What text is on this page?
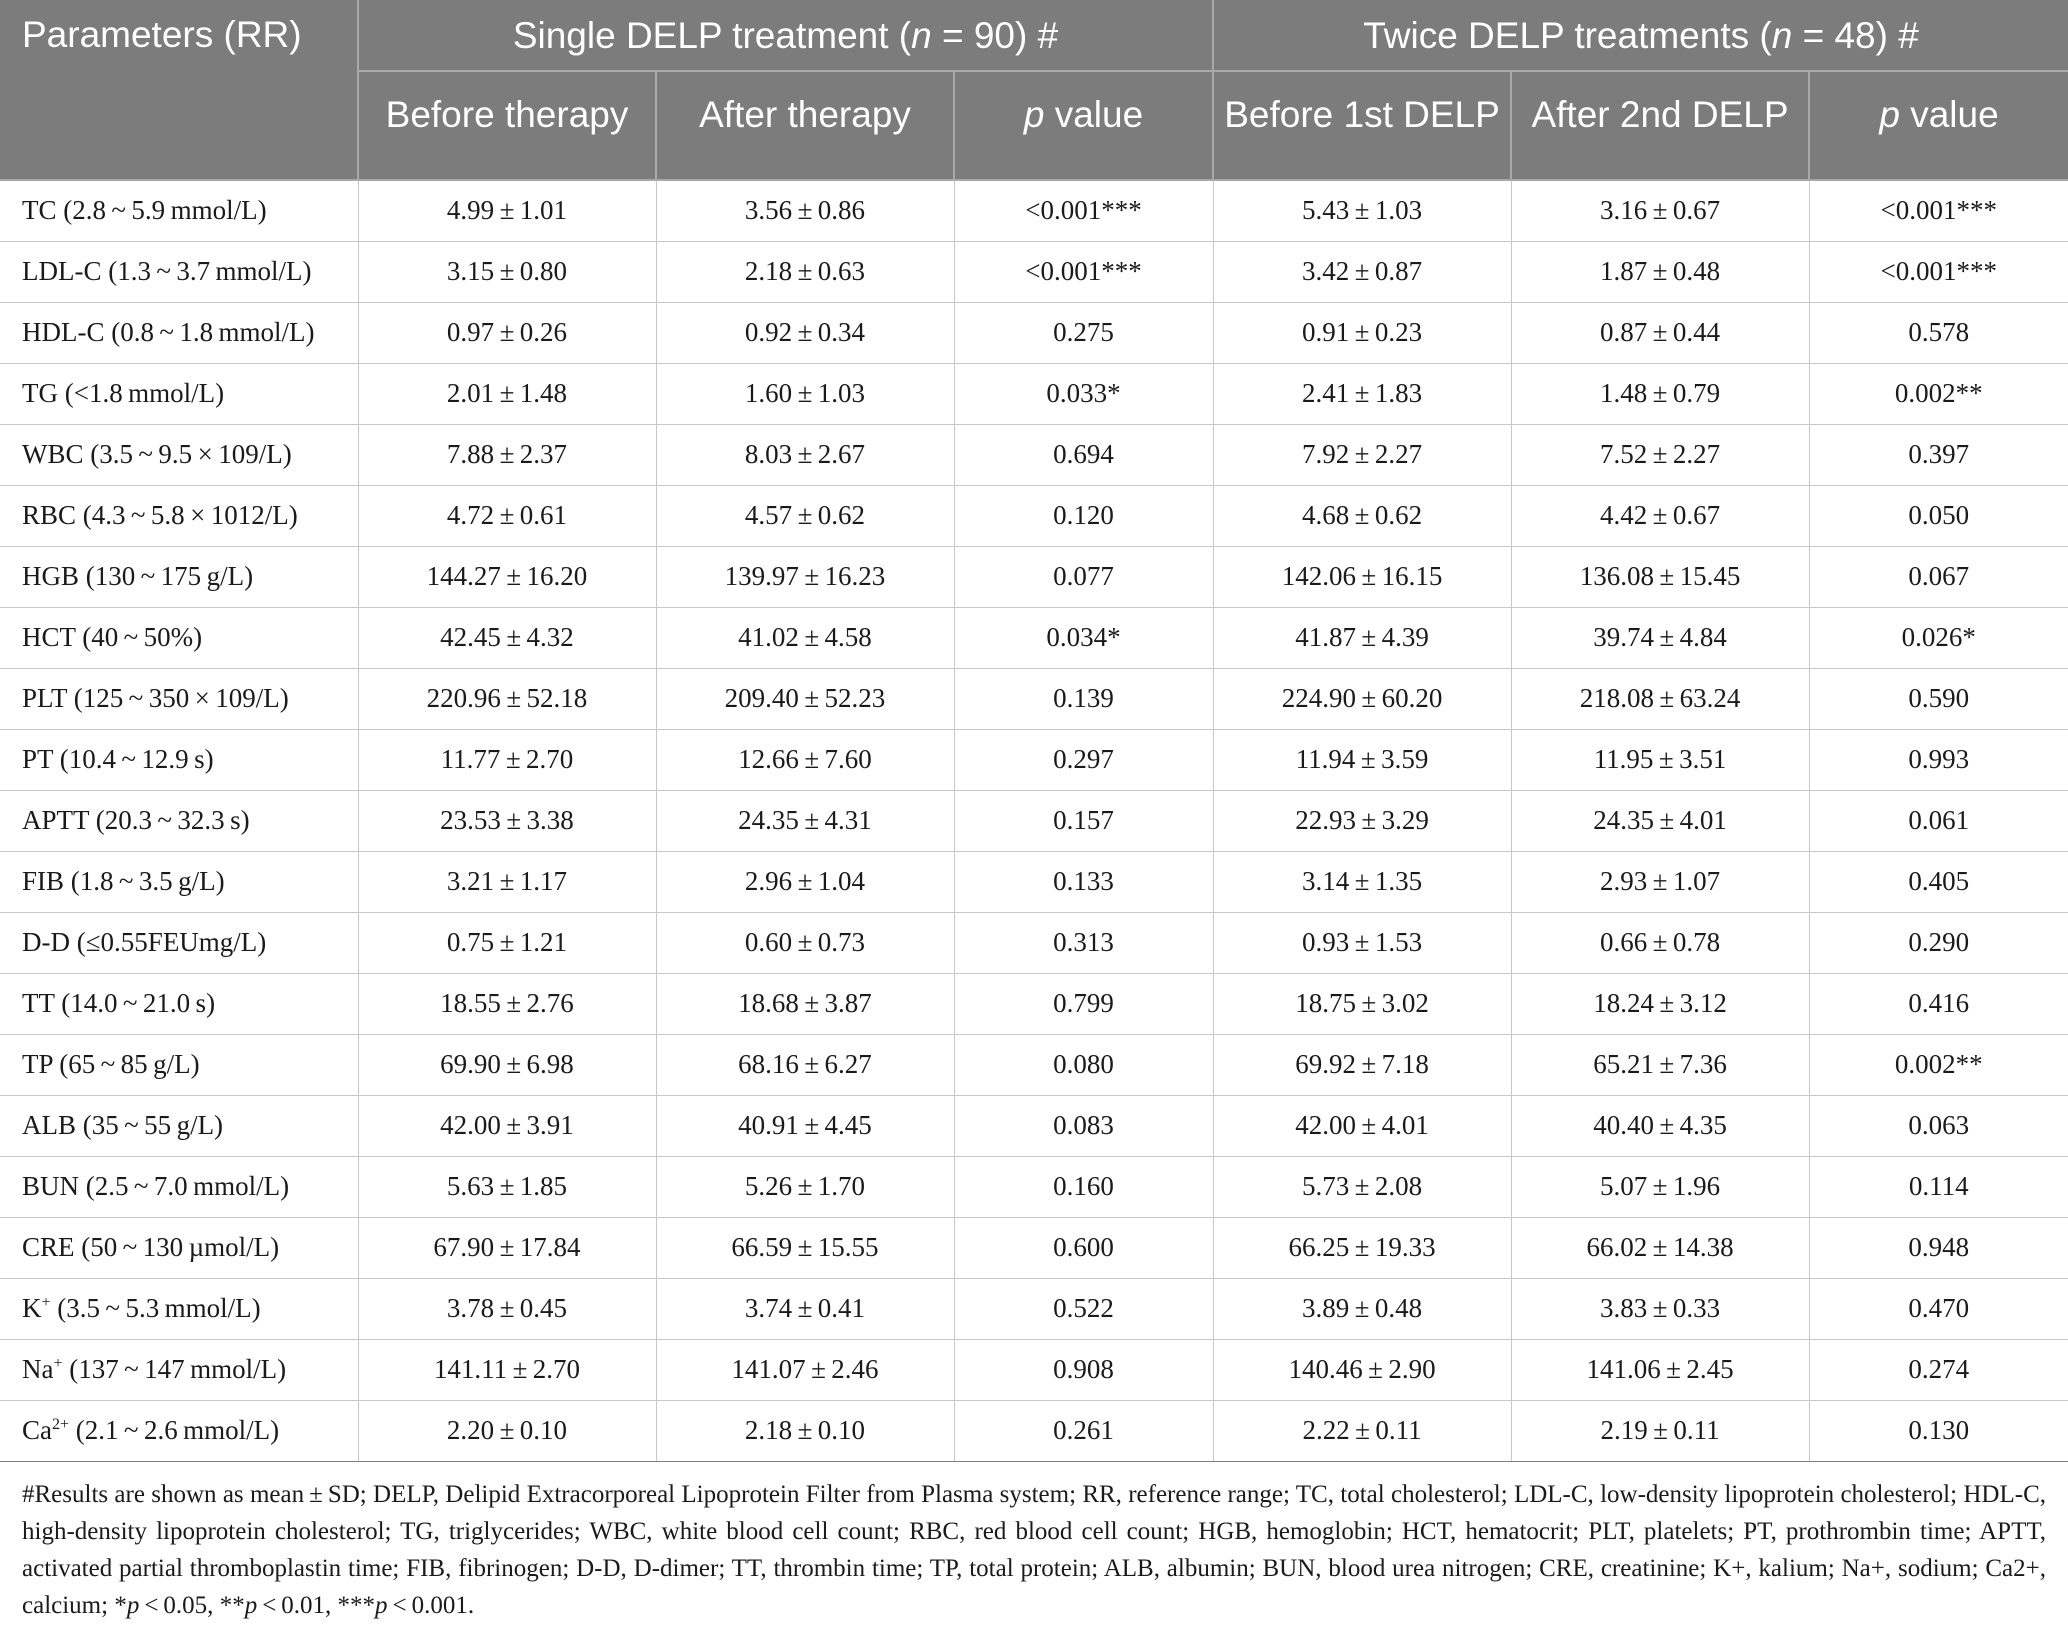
Parameters (RR)	Single DELP treatment (n = 90) #			Twice DELP treatments (n = 48) #		
	Before therapy	After therapy	p value	Before 1st DELP	After 2nd DELP	p value
TC (2.8 ~ 5.9 mmol/L)	4.99 ± 1.01	3.56 ± 0.86	<0.001***	5.43 ± 1.03	3.16 ± 0.67	<0.001***
LDL-C (1.3 ~ 3.7 mmol/L)	3.15 ± 0.80	2.18 ± 0.63	<0.001***	3.42 ± 0.87	1.87 ± 0.48	<0.001***
HDL-C (0.8 ~ 1.8 mmol/L)	0.97 ± 0.26	0.92 ± 0.34	0.275	0.91 ± 0.23	0.87 ± 0.44	0.578
TG (<1.8 mmol/L)	2.01 ± 1.48	1.60 ± 1.03	0.033*	2.41 ± 1.83	1.48 ± 0.79	0.002**
WBC (3.5 ~ 9.5 × 109/L)	7.88 ± 2.37	8.03 ± 2.67	0.694	7.92 ± 2.27	7.52 ± 2.27	0.397
RBC (4.3 ~ 5.8 × 1012/L)	4.72 ± 0.61	4.57 ± 0.62	0.120	4.68 ± 0.62	4.42 ± 0.67	0.050
HGB (130 ~ 175 g/L)	144.27 ± 16.20	139.97 ± 16.23	0.077	142.06 ± 16.15	136.08 ± 15.45	0.067
HCT (40 ~ 50%)	42.45 ± 4.32	41.02 ± 4.58	0.034*	41.87 ± 4.39	39.74 ± 4.84	0.026*
PLT (125 ~ 350 × 109/L)	220.96 ± 52.18	209.40 ± 52.23	0.139	224.90 ± 60.20	218.08 ± 63.24	0.590
PT (10.4 ~ 12.9 s)	11.77 ± 2.70	12.66 ± 7.60	0.297	11.94 ± 3.59	11.95 ± 3.51	0.993
APTT (20.3 ~ 32.3 s)	23.53 ± 3.38	24.35 ± 4.31	0.157	22.93 ± 3.29	24.35 ± 4.01	0.061
FIB (1.8 ~ 3.5 g/L)	3.21 ± 1.17	2.96 ± 1.04	0.133	3.14 ± 1.35	2.93 ± 1.07	0.405
D-D (≤0.55FEUmg/L)	0.75 ± 1.21	0.60 ± 0.73	0.313	0.93 ± 1.53	0.66 ± 0.78	0.290
TT (14.0 ~ 21.0 s)	18.55 ± 2.76	18.68 ± 3.87	0.799	18.75 ± 3.02	18.24 ± 3.12	0.416
TP (65 ~ 85 g/L)	69.90 ± 6.98	68.16 ± 6.27	0.080	69.92 ± 7.18	65.21 ± 7.36	0.002**
ALB (35 ~ 55 g/L)	42.00 ± 3.91	40.91 ± 4.45	0.083	42.00 ± 4.01	40.40 ± 4.35	0.063
BUN (2.5 ~ 7.0 mmol/L)	5.63 ± 1.85	5.26 ± 1.70	0.160	5.73 ± 2.08	5.07 ± 1.96	0.114
CRE (50 ~ 130 µmol/L)	67.90 ± 17.84	66.59 ± 15.55	0.600	66.25 ± 19.33	66.02 ± 14.38	0.948
K+ (3.5 ~ 5.3 mmol/L)	3.78 ± 0.45	3.74 ± 0.41	0.522	3.89 ± 0.48	3.83 ± 0.33	0.470
Na+ (137 ~ 147 mmol/L)	141.11 ± 2.70	141.07 ± 2.46	0.908	140.46 ± 2.90	141.06 ± 2.45	0.274
$Ca^{2+}$ (2.1 ~ 2.6 mmol/L)	2.20 ± 0.10	2.18 ± 0.10	0.261	2.22 ± 0.11	2.19 ± 0.11	0.130
#Results are shown as mean ± SD; DELP, Delipid Extracorporeal Lipoprotein Filter from Plasma system; RR, reference range; TC, total cholesterol; LDL-C, low-density lipoprotein cholesterol; HDL-C, high-density lipoprotein cholesterol; TG, triglycerides; WBC, white blood cell count; RBC, red blood cell count; HGB, hemoglobin; HCT, hematocrit; PLT, platelets; PT, prothrombin time; APTT, activated partial thromboplastin time; FIB, fibrinogen; D-D, D-dimer; TT, thrombin time; TP, total protein; ALB, albumin; BUN, blood urea nitrogen; CRE, creatinine; K+, kalium; Na+, sodium; Ca2+, calcium; *p < 0.05, **p < 0.01, ***p < 0.001.
